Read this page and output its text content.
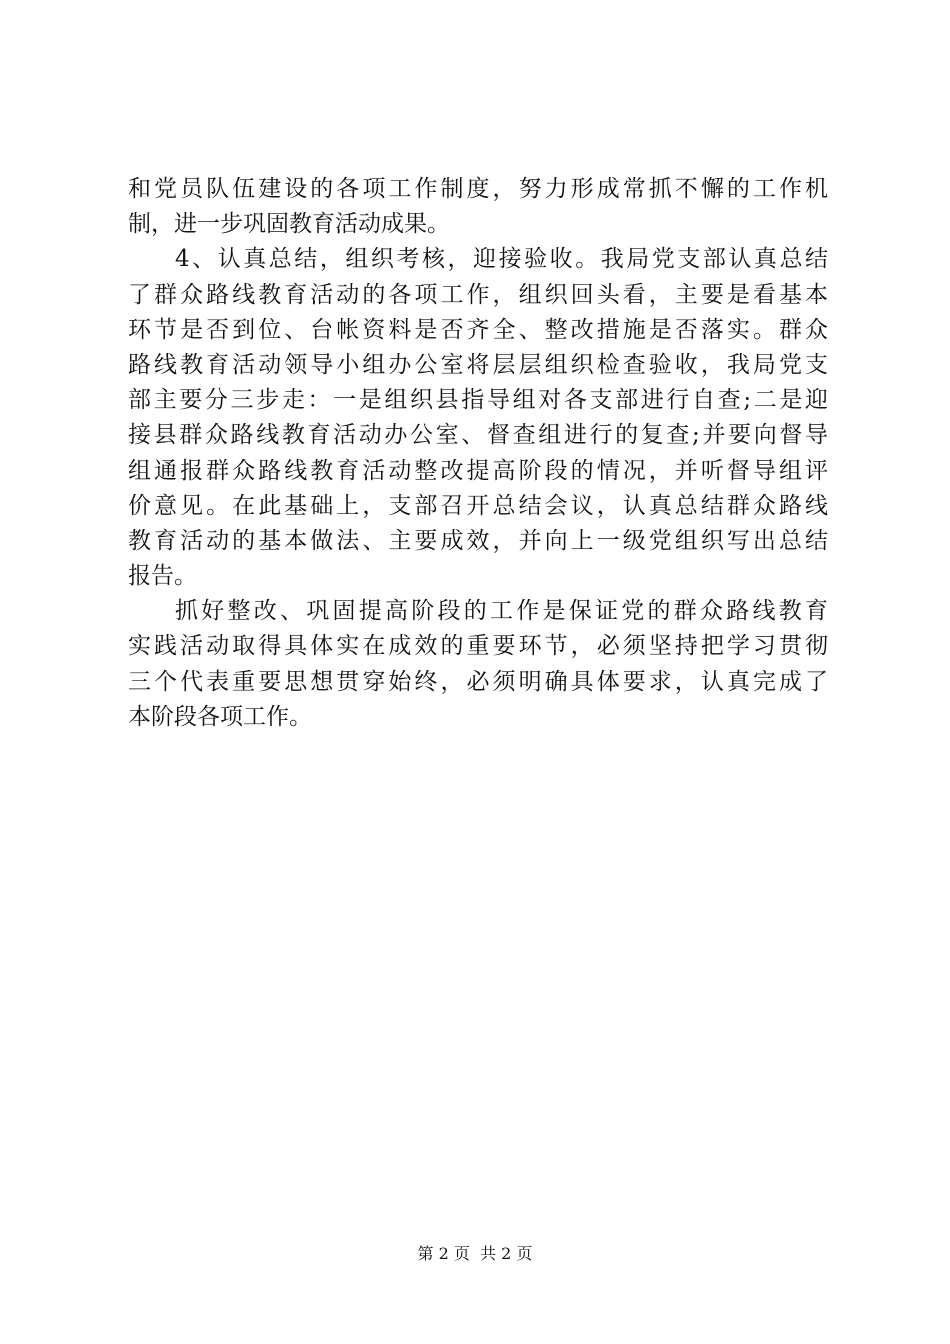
和党员队伍建设的各项工作制度，努力形成常抓不懈的工作机
制，进一步巩固教育活动成果。
4、认真总结，组织考核，迎接验收。我局党支部认真总结
了群众路线教育活动的各项工作，组织回头看，主要是看基本
环节是否到位、台帐资料是否齐全、整改措施是否落实。群众
路线教育活动领导小组办公室将层层组织检查验收，我局党支
部主要分三步走：一是组织县指导组对各支部进行自查;二是迎
接县群众路线教育活动办公室、督查组进行的复查;并要向督导
组通报群众路线教育活动整改提高阶段的情况，并听督导组评
价意见。在此基础上，支部召开总结会议，认真总结群众路线
教育活动的基本做法、主要成效，并向上一级党组织写出总结
报告。
抓好整改、巩固提高阶段的工作是保证党的群众路线教育
实践活动取得具体实在成效的重要环节，必须坚持把学习贯彻
三个代表重要思想贯穿始终，必须明确具体要求，认真完成了
本阶段各项工作。
第 2 页  共 2 页
